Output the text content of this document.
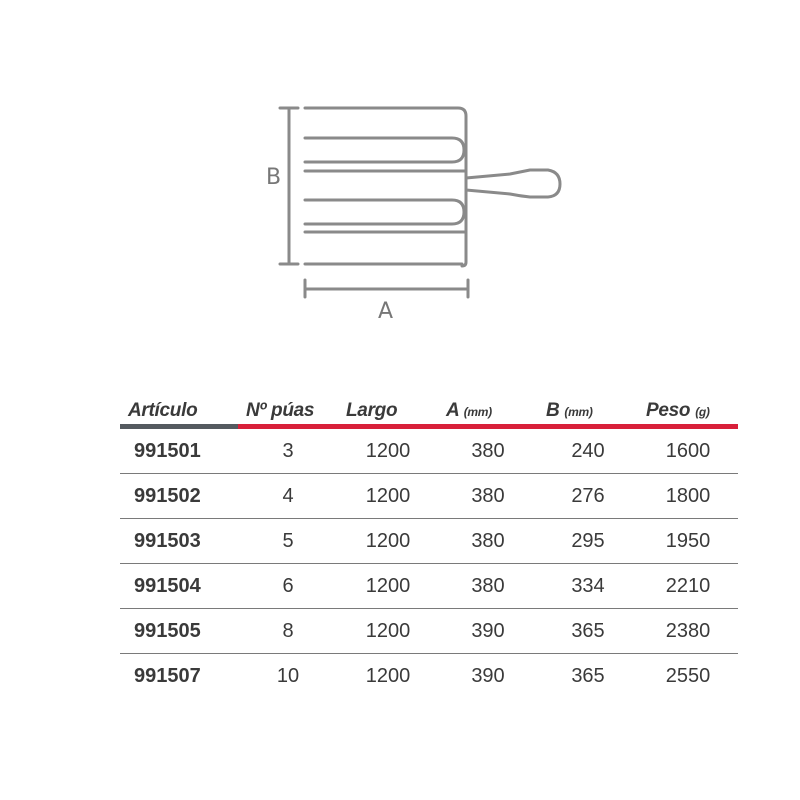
B
A
Artículo	Nº púas	Largo	A (mm)	B (mm)	Peso (g)
991501	3	1200	380	240	1600
991502	4	1200	380	276	1800
991503	5	1200	380	295	1950
991504	6	1200	380	334	2210
991505	8	1200	390	365	2380
991507	10	1200	390	365	2550
